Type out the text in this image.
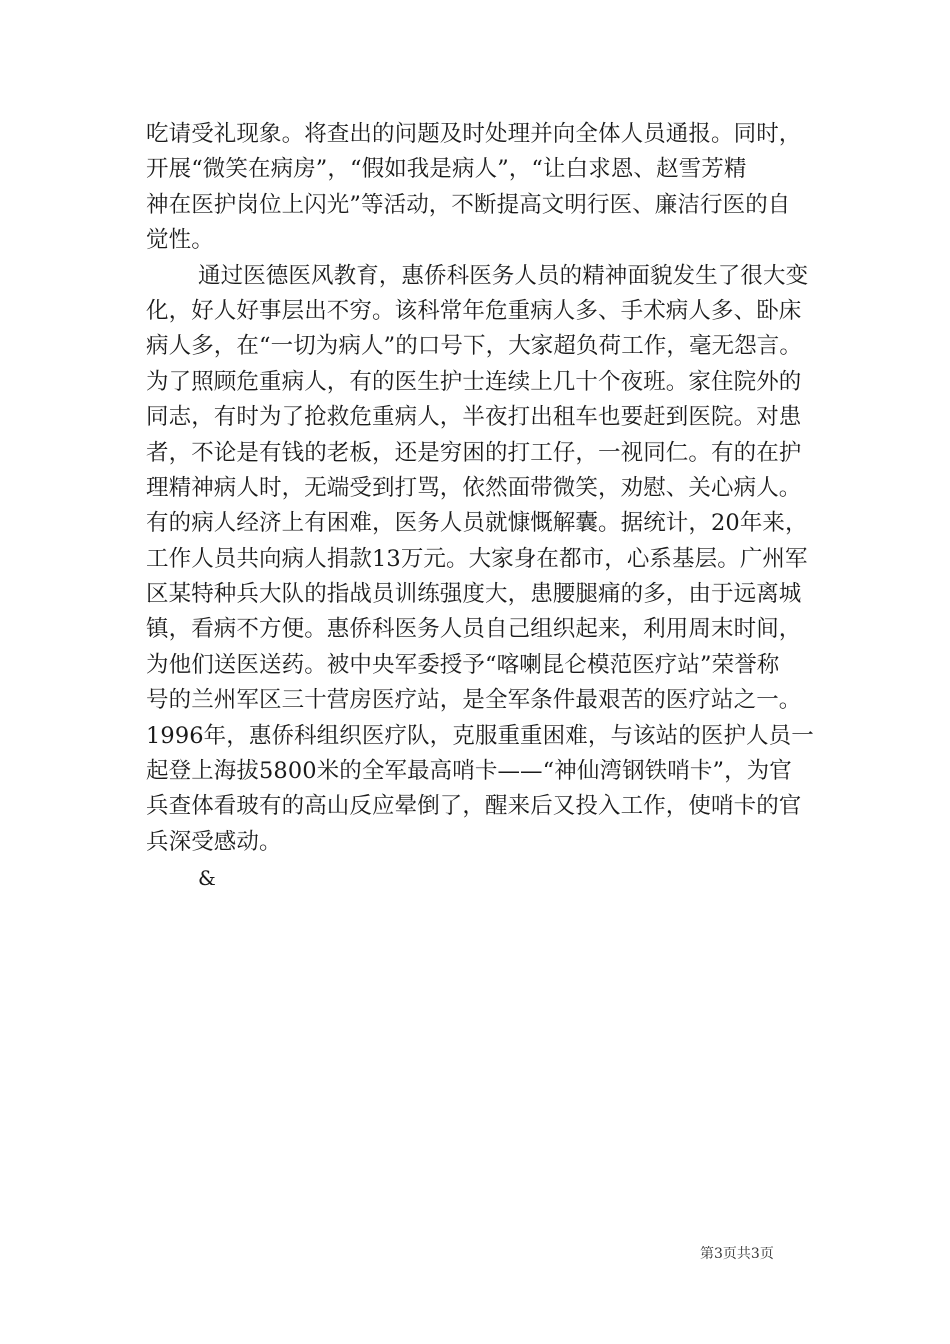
吃请受礼现象。将查出的问题及时处理并向全体人员通报。同时，
开展“微笑在病房”，“假如我是病人”，“让白求恩、赵雪芳精
神在医护岗位上闪光”等活动，不断提高文明行医、廉洁行医的自
觉性。
通过医德医风教育，惠侨科医务人员的精神面貌发生了很大变
化，好人好事层出不穷。该科常年危重病人多、手术病人多、卧床
病人多，在“一切为病人”的口号下，大家超负荷工作，毫无怨言。
为了照顾危重病人，有的医生护士连续上几十个夜班。家住院外的
同志，有时为了抢救危重病人，半夜打出租车也要赶到医院。对患
者，不论是有钱的老板，还是穷困的打工仔，一视同仁。有的在护
理精神病人时，无端受到打骂，依然面带微笑，劝慰、关心病人。
有的病人经济上有困难，医务人员就慷慨解囊。据统计，20年来，
工作人员共向病人捐款13万元。大家身在都市，心系基层。广州军
区某特种兵大队的指战员训练强度大，患腰腿痛的多，由于远离城
镇，看病不方便。惠侨科医务人员自己组织起来，利用周末时间，
为他们送医送药。被中央军委授予“喀喇昆仑模范医疗站”荣誉称
号的兰州军区三十营房医疗站，是全军条件最艰苦的医疗站之一。
1996年，惠侨科组织医疗队，克服重重困难，与该站的医护人员一
起登上海拔5800米的全军最高哨卡——“神仙湾钢铁哨卡”，为官
兵查体看玻有的高山反应晕倒了，醒来后又投入工作，使哨卡的官
兵深受感动。
&
第3页共3页
